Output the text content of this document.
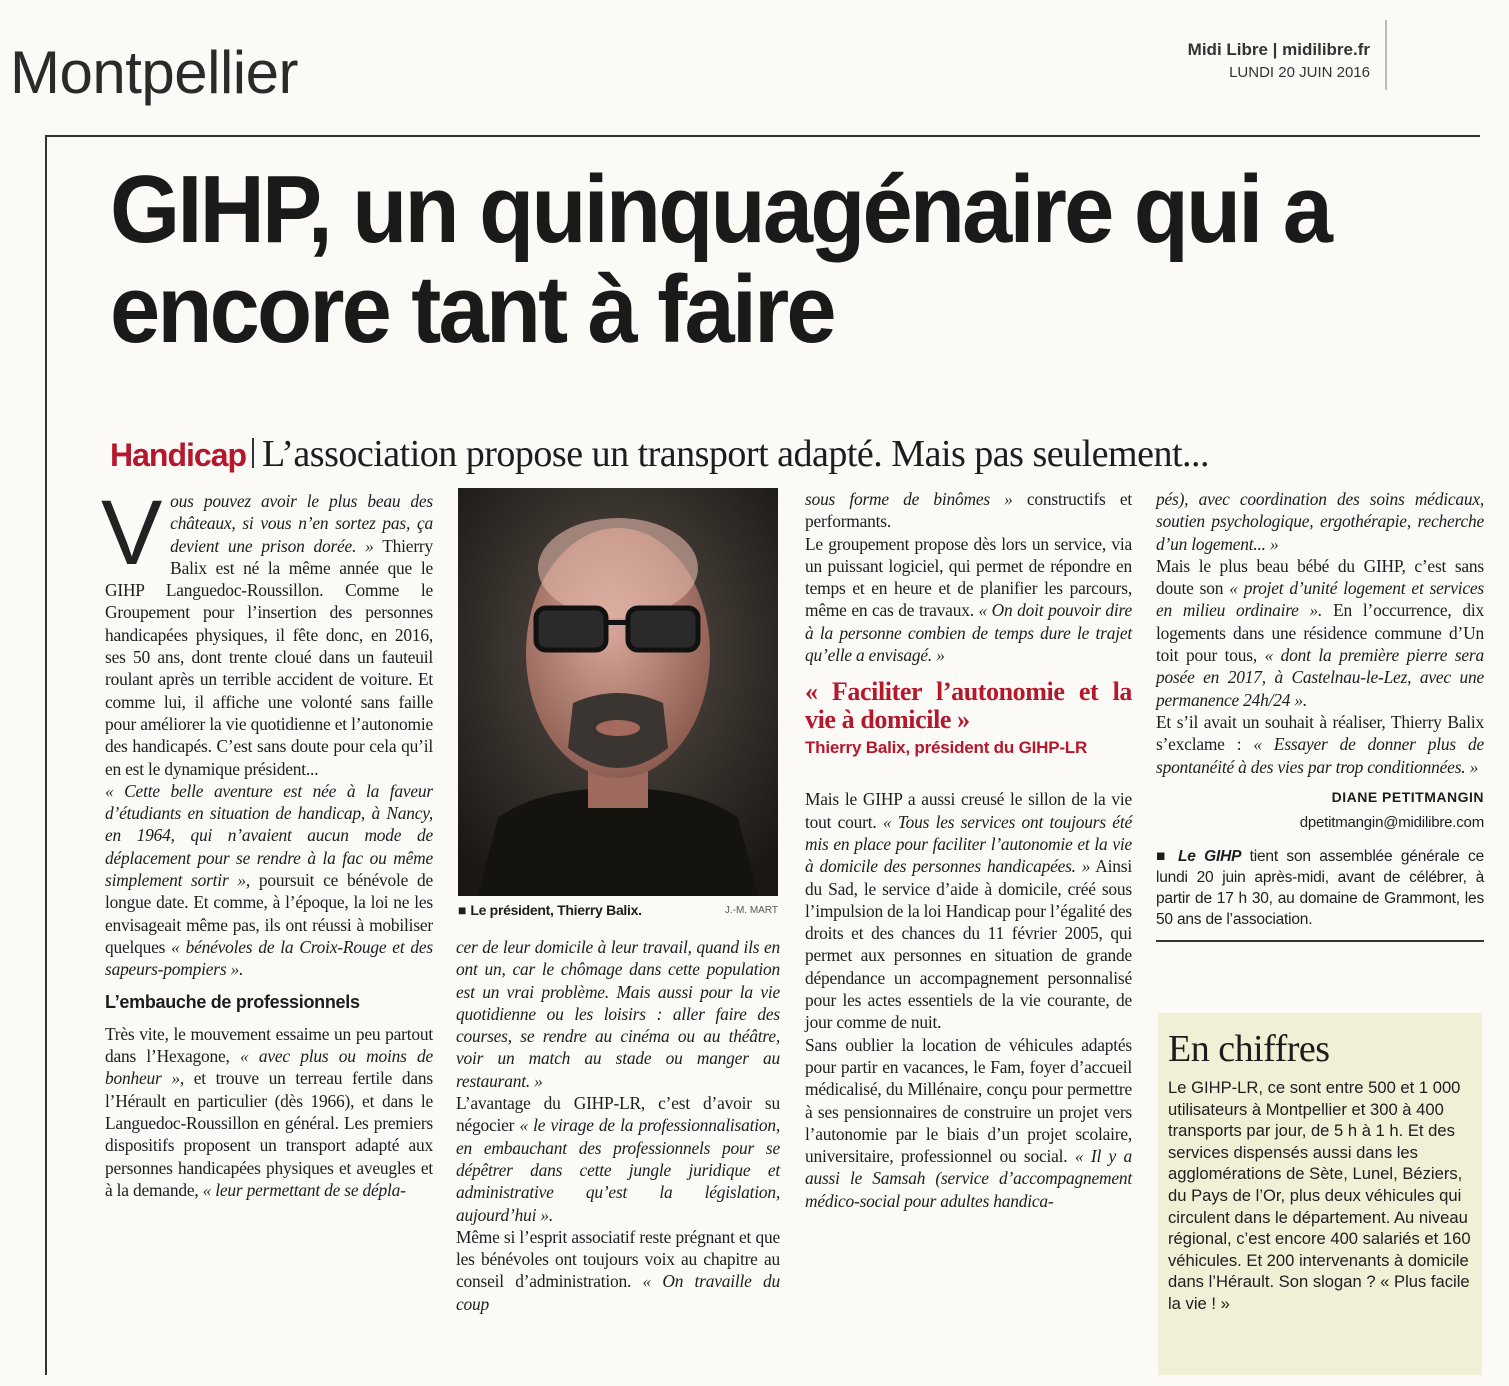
Montpellier	Midi Libre | midilibre.fr
LUNDI 20 JUIN 2016
GIHP, un quinquagénaire qui a encore tant à faire
Handicap L’association propose un transport adapté. Mais pas seulement...

Vous pouvez avoir le plus beau des châteaux, si vous n’en sortez pas, ça devient une prison dorée. » Thierry Balix est né la même année que le GIHP Languedoc-Roussillon. Comme le Groupement pour l’insertion des personnes handicapées physiques, il fête donc, en 2016, ses 50 ans, dont trente cloué dans un fauteuil roulant après un terrible accident de voiture. Et comme lui, il affiche une volonté sans faille pour améliorer la vie quotidienne et l’autonomie des handicapés. C’est sans doute pour cela qu’il en est le dynamique président...

« Cette belle aventure est née à la faveur d’étudiants en situation de handicap, à Nancy, en 1964, qui n’avaient aucun mode de déplacement pour se rendre à la fac ou même simplement sortir », poursuit ce bénévole de longue date. Et comme, à l’époque, la loi ne les envisageait même pas, ils ont réussi à mobiliser quelques « bénévoles de la Croix-Rouge et des sapeurs-pompiers ».

L’embauche de professionnels

Très vite, le mouvement essaime un peu partout dans l’Hexagone, « avec plus ou moins de bonheur », et trouve un terreau fertile dans l’Hérault en particulier (dès 1966), et dans le Languedoc-Roussillon en général. Les premiers dispositifs proposent un transport adapté aux personnes handicapées physiques et aveugles et à la demande, « leur permettant de se dépla-

■ Le président, Thierry Balix.	J.-M. MART

cer de leur domicile à leur travail, quand ils en ont un, car le chômage dans cette population est un vrai problème. Mais aussi pour la vie quotidienne ou les loisirs : aller faire des courses, se rendre au cinéma ou au théâtre, voir un match au stade ou manger au restaurant. »

L’avantage du GIHP-LR, c’est d’avoir su négocier « le virage de la professionnalisation, en embauchant des professionnels pour se dépêtrer dans cette jungle juridique et administrative qu’est la législation, aujourd’hui ».

Même si l’esprit associatif reste prégnant et que les bénévoles ont toujours voix au chapitre au conseil d’administration. « On travaille du coup

sous forme de binômes » constructifs et performants.

Le groupement propose dès lors un service, via un puissant logiciel, qui permet de répondre en temps et en heure et de planifier les parcours, même en cas de travaux. « On doit pouvoir dire à la personne combien de temps dure le trajet qu’elle a envisagé. »

« Faciliter l’autonomie et la vie à domicile »
Thierry Balix, président du GIHP-LR

Mais le GIHP a aussi creusé le sillon de la vie tout court. « Tous les services ont toujours été mis en place pour faciliter l’autonomie et la vie à domicile des personnes handicapées. » Ainsi du Sad, le service d’aide à domicile, créé sous l’impulsion de la loi Handicap pour l’égalité des droits et des chances du 11 février 2005, qui permet aux personnes en situation de grande dépendance un accompagnement personnalisé pour les actes essentiels de la vie courante, de jour comme de nuit.

Sans oublier la location de véhicules adaptés pour partir en vacances, le Fam, foyer d’accueil médicalisé, du Millénaire, conçu pour permettre à ses pensionnaires de construire un projet vers l’autonomie par le biais d’un projet scolaire, universitaire, professionnel ou social. « Il y a aussi le Samsah (service d’accompagnement médico-social pour adultes handica-

pés), avec coordination des soins médicaux, soutien psychologique, ergothérapie, recherche d’un logement... »

Mais le plus beau bébé du GIHP, c’est sans doute son « projet d’unité logement et services en milieu ordinaire ». En l’occurrence, dix logements dans une résidence commune d’Un toit pour tous, « dont la première pierre sera posée en 2017, à Castelnau-le-Lez, avec une permanence 24h/24 ».

Et s’il avait un souhait à réaliser, Thierry Balix s’exclame : « Essayer de donner plus de spontanéité à des vies par trop conditionnées. »

DIANE PETITMANGIN
dpetitmangin@midilibre.com
■ Le GIHP tient son assemblée générale ce lundi 20 juin après-midi, avant de célébrer, à partir de 17 h 30, au domaine de Grammont, les 50 ans de l’association.
En chiffres
Le GIHP-LR, ce sont entre 500 et 1 000 utilisateurs à Montpellier et 300 à 400 transports par jour, de 5 h à 1 h. Et des services dispensés aussi dans les agglomérations de Sète, Lunel, Béziers, du Pays de l’Or, plus deux véhicules qui circulent dans le département. Au niveau régional, c’est encore 400 salariés et 160 véhicules. Et 200 intervenants à domicile dans l’Hérault. Son slogan ? « Plus facile la vie ! »
